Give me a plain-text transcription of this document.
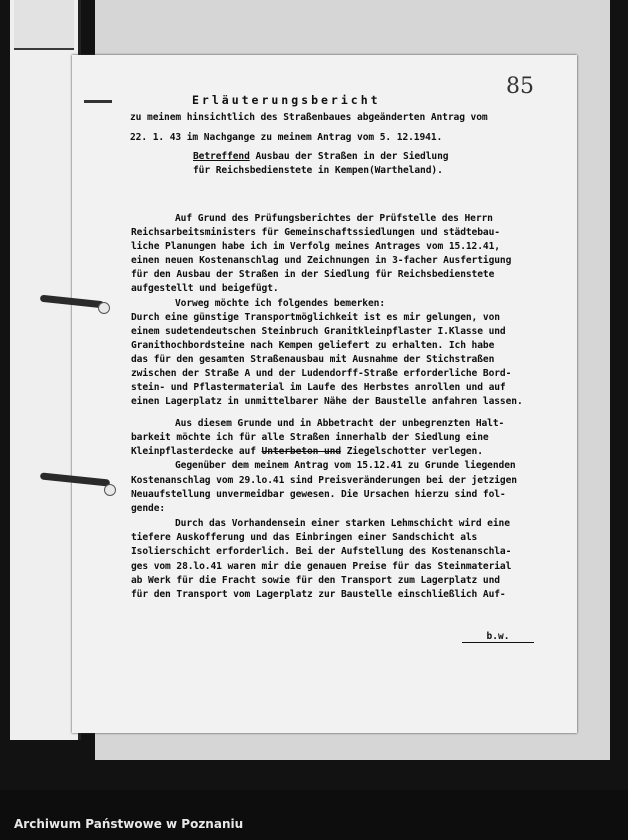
85
Erläuterungsbericht
zu meinem hinsichtlich des Straßenbaues abgeänderten Antrag vom
22. 1. 43 im Nachgange zu meinem Antrag vom 5. 12.1941.
Betreffend Ausbau der Straßen in der Siedlung
für Reichsbedienstete in Kempen(Wartheland).
Auf Grund des Prüfungsberichtes der Prüfstelle des Herrn
Reichsarbeitsministers für Gemeinschaftssiedlungen und städtebau-
liche Planungen habe ich im Verfolg meines Antrages vom 15.12.41,
einen neuen Kostenanschlag und Zeichnungen in 3-facher Ausfertigung
für den Ausbau der Straßen in der Siedlung für Reichsbedienstete
aufgestellt und beigefügt.
Vorweg möchte ich folgendes bemerken:
Durch eine günstige Transportmöglichkeit ist es mir gelungen, von
einem sudetendeutschen Steinbruch Granitkleinpflaster I.Klasse und
Granithochbordsteine nach Kempen geliefert zu erhalten. Ich habe
das für den gesamten Straßenausbau mit Ausnahme der Stichstraßen
zwischen der Straße A und der Ludendorff-Straße erforderliche Bord-
stein- und Pflastermaterial im Laufe des Herbstes anrollen und auf
einen Lagerplatz in unmittelbarer Nähe der Baustelle anfahren lassen.
Aus diesem Grunde und in Abbetracht der unbegrenzten Halt-
barkeit möchte ich für alle Straßen innerhalb der Siedlung eine
Kleinpflasterdecke auf Unterbeton und Ziegelschotter verlegen.
Gegenüber dem meinem Antrag vom 15.12.41 zu Grunde liegenden
Kostenanschlag vom 29.lo.41 sind Preisveränderungen bei der jetzigen
Neuaufstellung unvermeidbar gewesen. Die Ursachen hierzu sind fol-
gende:
Durch das Vorhandensein einer starken Lehmschicht wird eine
tiefere Auskofferung und das Einbringen einer Sandschicht als
Isolierschicht erforderlich. Bei der Aufstellung des Kostenanschla-
ges vom 28.lo.41 waren mir die genauen Preise für das Steinmaterial
ab Werk für die Fracht sowie für den Transport zum Lagerplatz und
für den Transport vom Lagerplatz zur Baustelle einschließlich Auf-
b.w.
Archiwum Państwowe w Poznaniu
